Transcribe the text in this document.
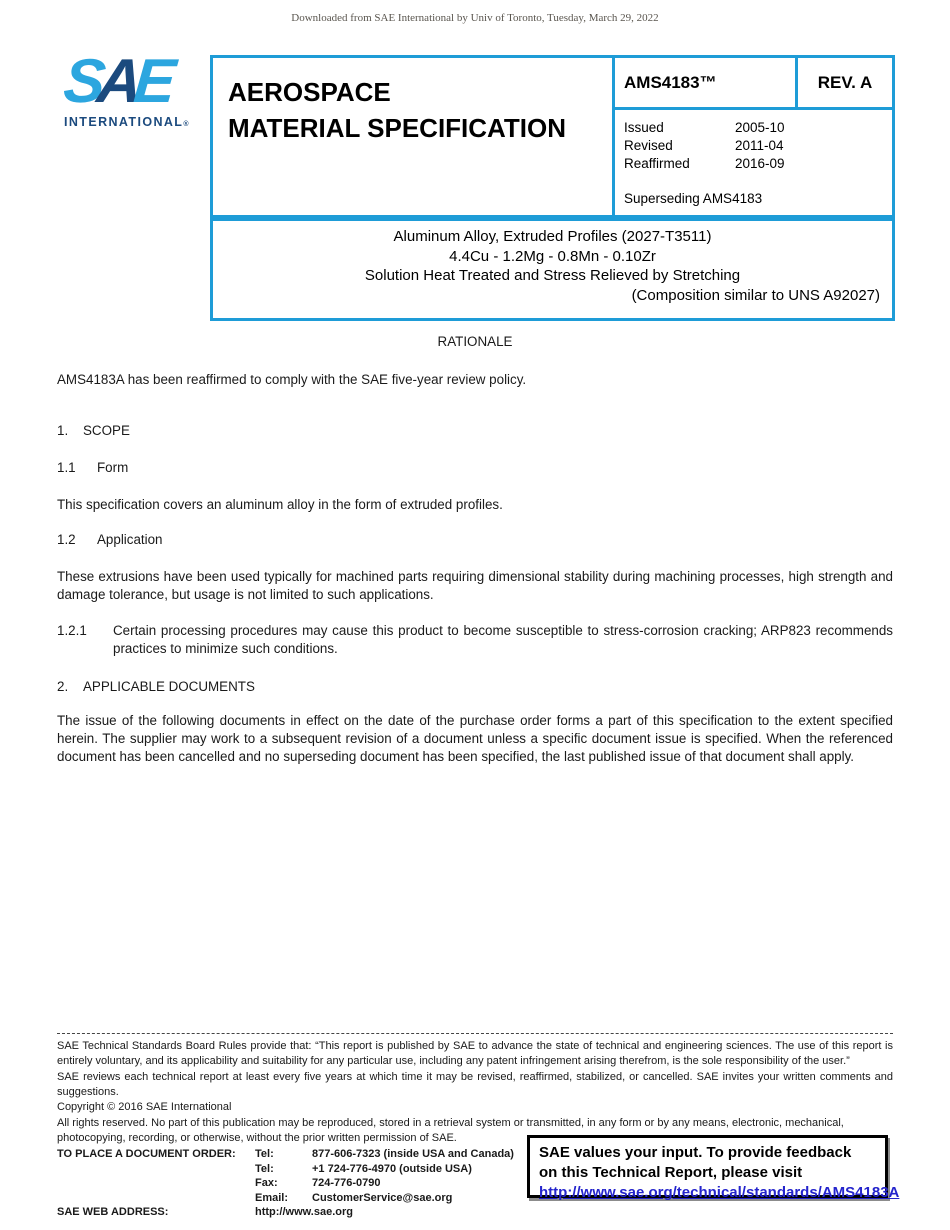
Downloaded from SAE International by Univ of Toronto, Tuesday, March 29, 2022
SAE
INTERNATIONAL®
AEROSPACE
MATERIAL SPECIFICATION
AMS4183 ™	REV. A
Issued	2005-10
Revised	2011-04
Reaffirmed	2016-09
Superseding AMS4183
Aluminum Alloy, Extruded Profiles (2027-T3511)
4.4Cu - 1.2Mg - 0.8Mn - 0.10Zr
Solution Heat Treated and Stress Relieved by Stretching
(Composition similar to UNS A92027)

RATIONALE

AMS4183A has been reaffirmed to comply with the SAE five-year review policy.

1. SCOPE
1.1 Form

This specification covers an aluminum alloy in the form of extruded profiles.

1.2 Application

These extrusions have been used typically for machined parts requiring dimensional stability during machining processes, high strength and damage tolerance, but usage is not limited to such applications.

1.2.1	Certain processing procedures may cause this product to become susceptible to stress-corrosion cracking; ARP823 recommends practices to minimize such conditions.
2. APPLICABLE DOCUMENTS

The issue of the following documents in effect on the date of the purchase order forms a part of this specification to the extent specified herein. The supplier may work to a subsequent revision of a document unless a specific document issue is specified. When the referenced document has been cancelled and no superseding document has been specified, the last published issue of that document shall apply.

SAE Technical Standards Board Rules provide that: “This report is published by SAE to advance the state of technical and engineering sciences. The use of this report is entirely voluntary, and its applicability and suitability for any particular use, including any patent infringement arising therefrom, is the sole responsibility of the user.”

SAE reviews each technical report at least every five years at which time it may be revised, reaffirmed, stabilized, or cancelled. SAE invites your written comments and suggestions.

Copyright © 2016 SAE International

All rights reserved. No part of this publication may be reproduced, stored in a retrieval system or transmitted, in any form or by any means, electronic, mechanical, photocopying, recording, or otherwise, without the prior written permission of SAE.

TO PLACE A DOCUMENT ORDER:	Tel:	877-606-7323 (inside USA and Canada)
Tel:	+1 724-776-4970 (outside USA)
Fax:	724-776-0790
Email:	CustomerService@sae.org
SAE WEB ADDRESS:	http://www.sae.org
SAE values your input. To provide feedback
on this Technical Report, please visit
http://www.sae.org/technical/standards/AMS4183A
